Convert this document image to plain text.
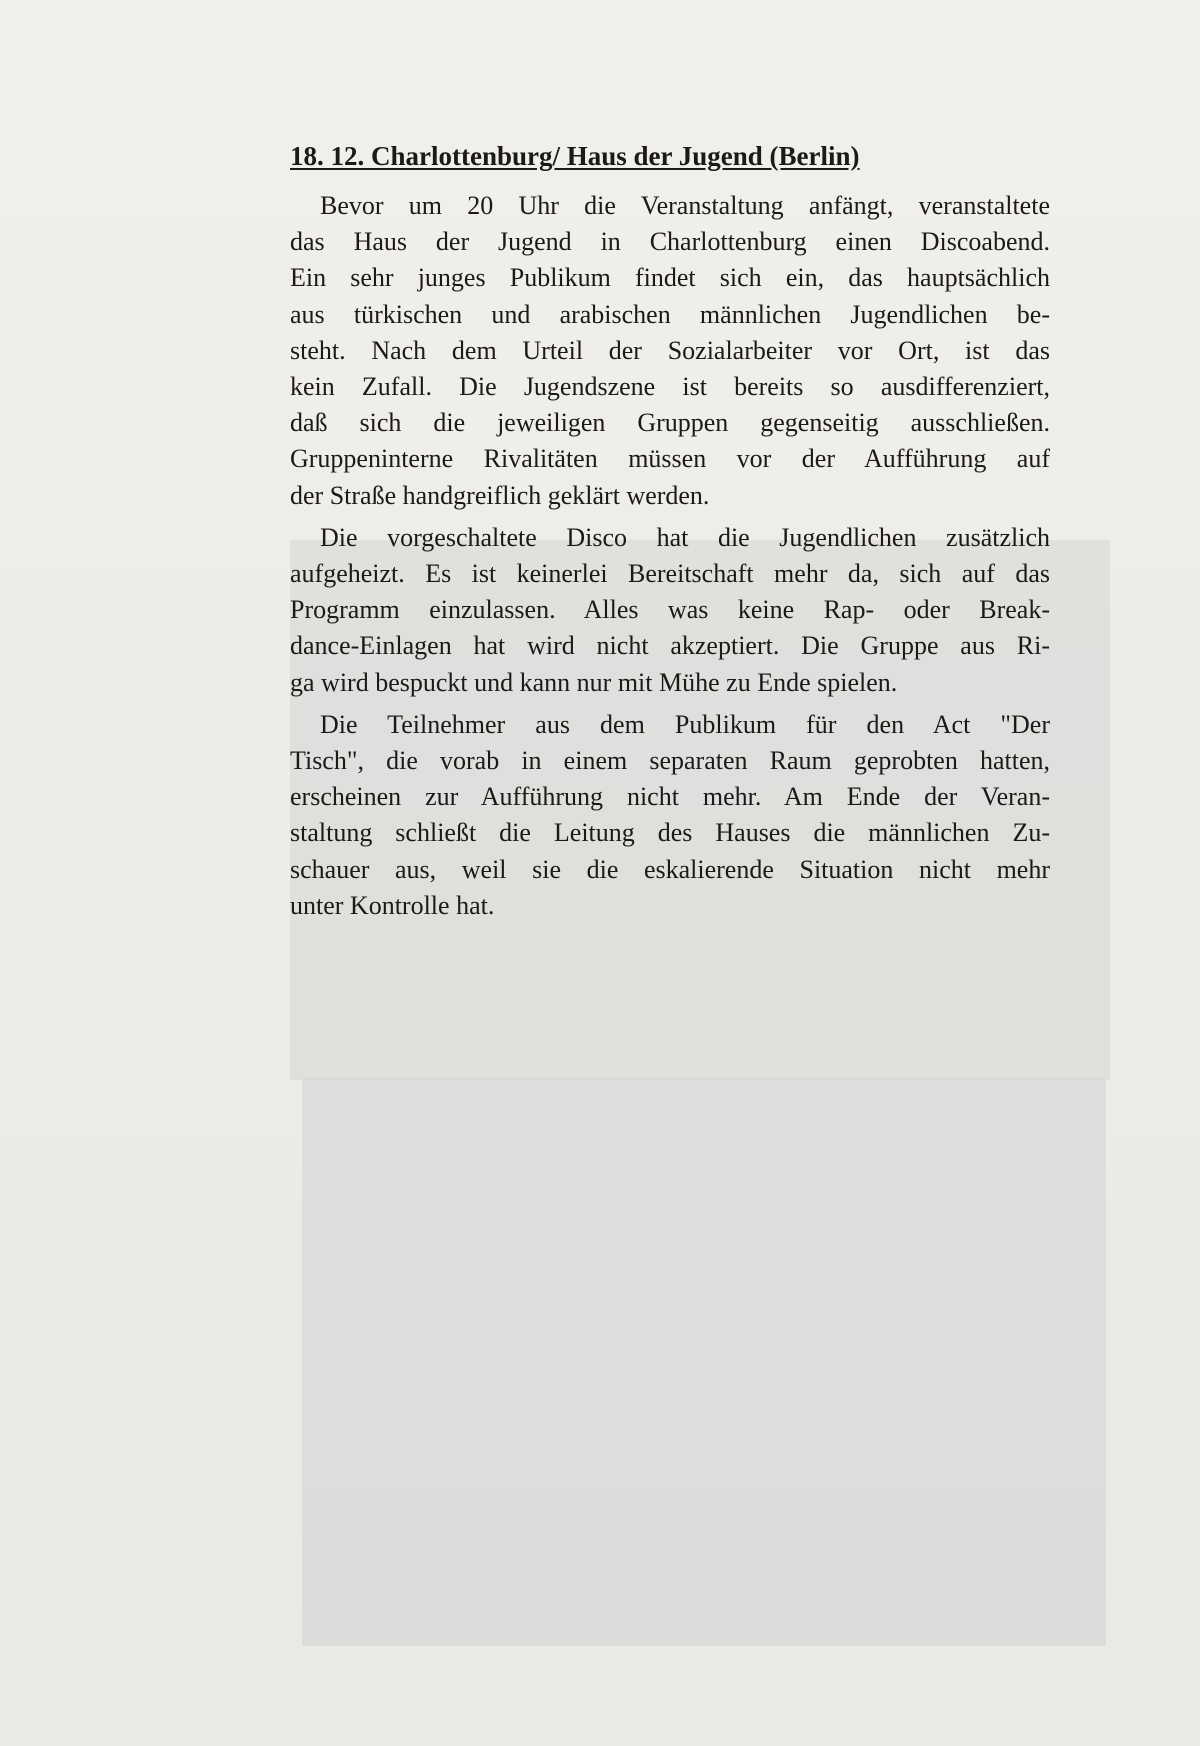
18. 12. Charlottenburg/ Haus der Jugend (Berlin)
Bevor um 20 Uhr die Veranstaltung anfängt, veranstaltete
das Haus der Jugend in Charlottenburg einen Discoabend.
Ein sehr junges Publikum findet sich ein, das hauptsächlich
aus türkischen und arabischen männlichen Jugendlichen be-
steht. Nach dem Urteil der Sozialarbeiter vor Ort, ist das
kein Zufall. Die Jugendszene ist bereits so ausdifferenziert,
daß sich die jeweiligen Gruppen gegenseitig ausschließen.
Gruppeninterne Rivalitäten müssen vor der Aufführung auf
der Straße handgreiflich geklärt werden.
Die vorgeschaltete Disco hat die Jugendlichen zusätzlich
aufgeheizt. Es ist keinerlei Bereitschaft mehr da, sich auf das
Programm einzulassen. Alles was keine Rap- oder Break-
dance-Einlagen hat wird nicht akzeptiert. Die Gruppe aus Ri-
ga wird bespuckt und kann nur mit Mühe zu Ende spielen.
Die Teilnehmer aus dem Publikum für den Act "Der
Tisch", die vorab in einem separaten Raum geprobten hatten,
erscheinen zur Aufführung nicht mehr. Am Ende der Veran-
staltung schließt die Leitung des Hauses die männlichen Zu-
schauer aus, weil sie die eskalierende Situation nicht mehr
unter Kontrolle hat.
